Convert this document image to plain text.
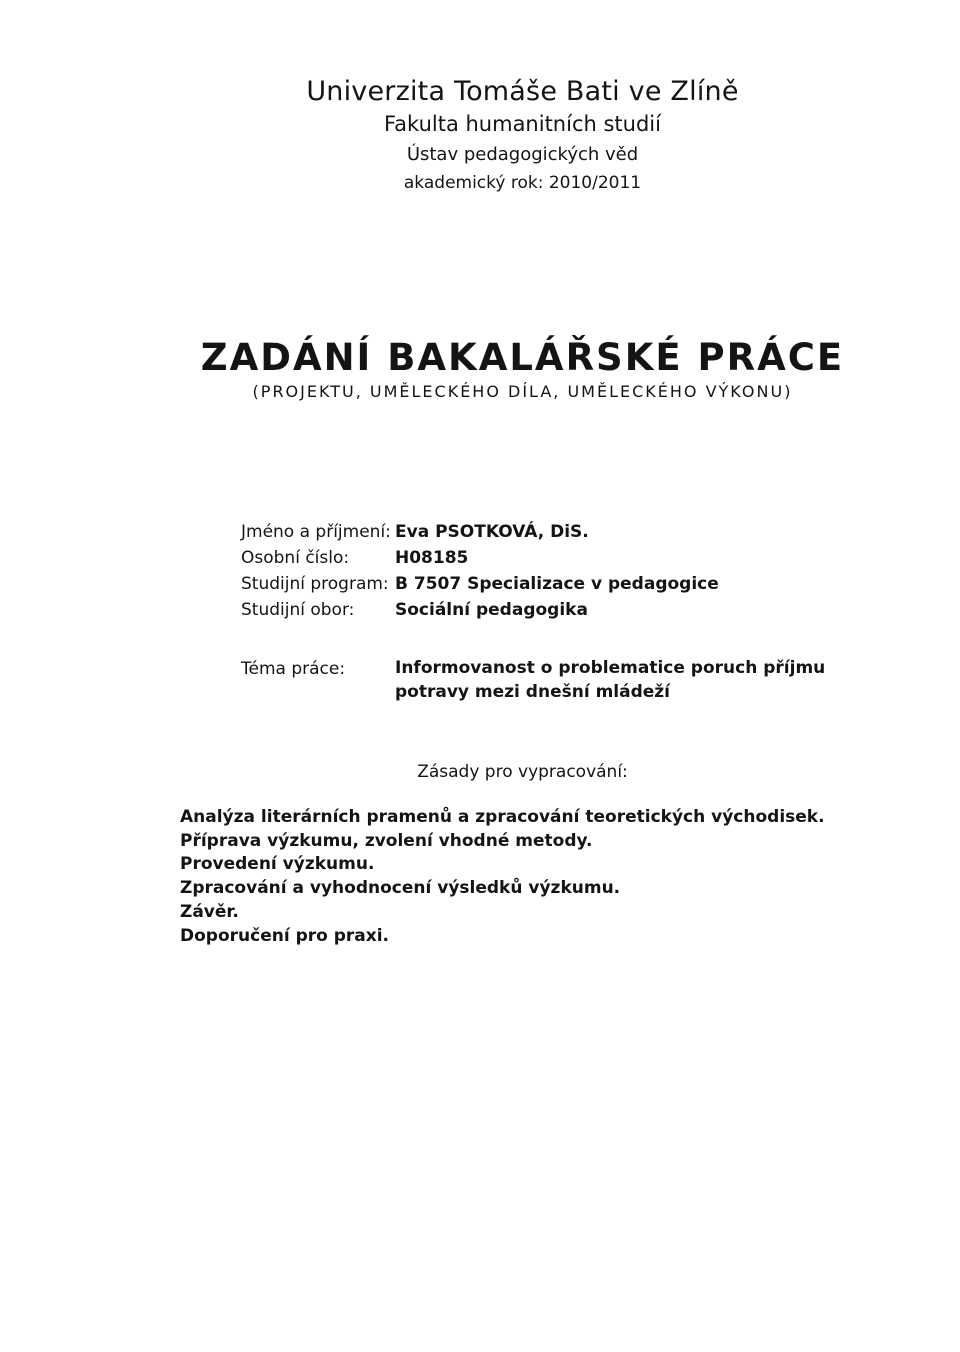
Univerzita Tomáše Bati ve Zlíně
Fakulta humanitních studií
Ústav pedagogických věd
akademický rok: 2010/2011
ZADÁNÍ BAKALÁŘSKÉ PRÁCE
(PROJEKTU, UMĚLECKÉHO DÍLA, UMĚLECKÉHO VÝKONU)
Jméno a příjmení: Eva PSOTKOVÁ, DiS.
Osobní číslo:	H08185
Studijní program: B 7507 Specializace v pedagogice
Studijní obor:	Sociální pedagogika
Téma práce:	Informovanost o problematice poruch příjmu potravy mezi dnešní mládeží
Zásady pro vypracování:
Analýza literárních pramenů a zpracování teoretických východisek.
Příprava výzkumu, zvolení vhodné metody.
Provedení výzkumu.
Zpracování a vyhodnocení výsledků výzkumu.
Závěr.
Doporučení pro praxi.
